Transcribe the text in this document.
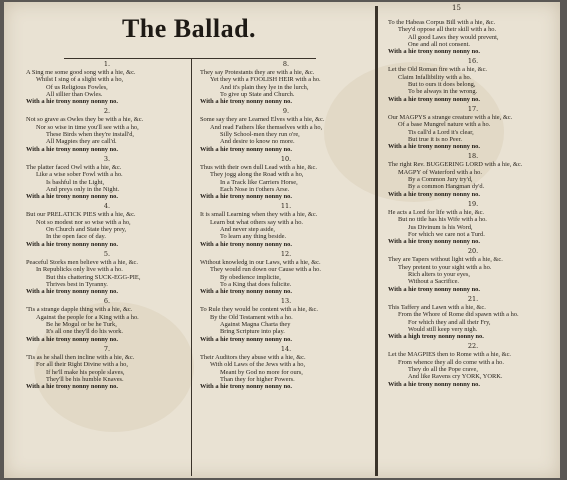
The Ballad.
15
1.
A Sing me some good song with a hie, &c.
Whilst I sing of a slight with a ho,
Of us Religious Fowles,
All sillier than Owles.
With a hie trony nonny nonny no.
2.
Not so grave as Owles they be with a hie, &c.
Nor so wise in time you'll see with a ho,
These Birds when they're install'd,
All Magpies they are call'd.
With a hie trony nonny nonny no.
3.
The platter faced Owl with a hie, &c.
Like a wise sober Fowl with a ho.
Is bashful in the Light,
And preys only in the Night.
With a hie trony nonny nonny no.
4.
But our PRELATICK PIES with a hie, &c.
Not so modest nor so wise with a ho,
On Church and State they prey,
In the open face of day.
With a hie trony nonny nonny no.
5.
Peaceful Storks men believe with a hie, &c.
In Republicks only live with a ho.
But this chattering SUCK-EGG-PIE,
Thrives best in Tyranny.
With a hie trony nonny nonny no.
6.
'Tis a strange dapple thing with a hie, &c.
Against the people for a King with a ho.
Be he Mogul or be he Turk,
It's all one they'll do his work.
With a hie trony nonny nonny no.
7.
'Tis as he shall then incline with a hie, &c.
For all their Right Divine with a ho,
If he'll make his people slaves,
They'll be his humble Knaves.
With a hie trony nonny nonny no.
8.
They say Protestants they are with a hie, &c.
Yet they with a FOOLISH HEIR with a ho.
And it's plain they lye in the lurch,
To give up State and Church.
With a hie trony nonny nonny no.
9.
Some say they are Learned Elves with a hie, &c.
And read Fathers like themselves with a ho,
Silly School-men they run o're,
And desire to know no more.
With a hie trony nonny nonny no.
10.
Thus with their own dull Lead with a hie, &c.
They jogg along the Road with a ho,
In a Track like Carriers Horse,
Each Nose in t'others Arse.
With a hie trony nonny nonny no.
11.
It is small Learning when they with a hie, &c.
Learn but what others say with a ho.
And never step aside,
To learn any thing beside.
With a hie trony nonny nonny no.
12.
Without knowledg in our Laws, with a hie, &c.
They would run down our Cause with a ho.
By obedience implicite,
To a King that does fulicite.
With a hie trony nonny nonny no.
13.
To Rule they would be content with a hie, &c.
By the Old Testament with a ho.
Against Magna Charta they
Bring Scripture into play.
With a hie trony nonny nonny no.
14.
Their Auditors they abuse with a hie, &c.
With old Laws of the Jews with a ho,
Meant by God no more for ours,
Than they for higher Powers.
With a hie trony nonny nonny no.
To the Habeas Corpus Bill with a hie, &c.
They'd oppose all their skill with a ho.
All good Laws they would prevent,
One and all not consent.
With a hie trony nonny nonny no.
16.
Let the Old Roman fire with a hie, &c.
Claim Infallibility with a ho.
But to ours it does belong,
To be always in the wrong.
With a hie trony nonny nonny no.
17.
Our MAGPYS a strange creature with a hie, &c.
Of a base Mungrel nature with a ho.
Tis call'd a Lord it's clear,
But true it is no Peer.
With a hie trony nonny nonny no.
18.
The right Rev. BUGGERING LORD with a hie, &c.
MAGPY of Waterford with a ho.
By a Common Jury try'd,
By a common Hangman dy'd.
With a hie trony nonny nonny no.
19.
He acts a Lord for life with a hie, &c.
But no title has his Wife with a ho.
Jus Divinum is his Word,
For which we care not a Turd.
With a hie trony nonny nonny no.
20.
They are Tapers without light with a hie, &c.
They pretent to your sight with a ho.
Rich alters to your eyes,
Without a Sacrifice.
With a hie trony nonny nonny no.
21.
This Taffery and Lawn with a hie, &c.
From the Whore of Rome did spawn with a ho.
For which they and all their Fry,
Would still keep very nigh.
With a high trony nonny nonny no.
22.
Let the MAGPIES then to Rome with a hie, &c.
From whence they all do come with a ho.
They do all the Pope crave,
And like Ravens cry YORK, YORK.
With a hie trony nonny nonny no.
